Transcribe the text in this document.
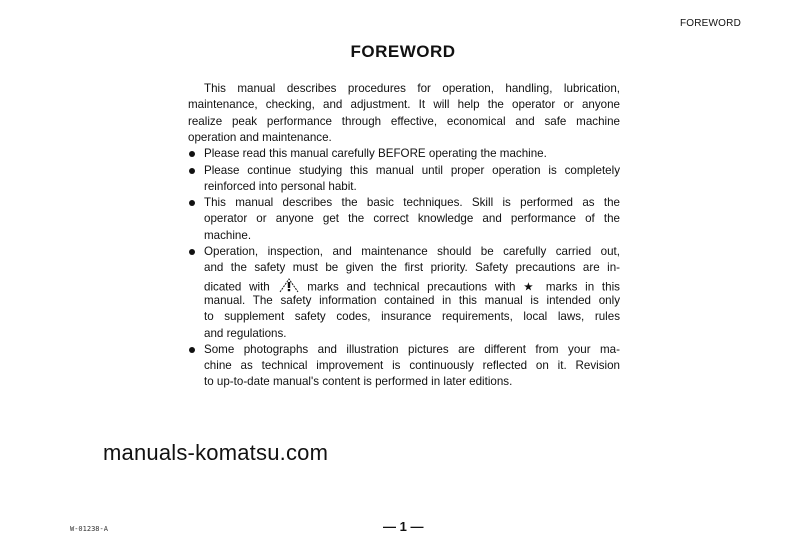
FOREWORD
FOREWORD
This manual describes procedures for operation, handling, lubrication,
maintenance, checking, and adjustment. It will help the operator or anyone
realize peak performance through effective, economical and safe machine
operation and maintenance.
Please read this manual carefully BEFORE operating the machine.
Please continue studying this manual until proper operation is completely
reinforced into personal habit.
This manual describes the basic techniques. Skill is performed as the
operator or anyone get the correct knowledge and performance of the
machine.
Operation, inspection, and maintenance should be carefully carried out,
and the safety must be given the first priority. Safety precautions are in-
dicated with	marks and technical precautions with ★ marks in this
manual. The safety information contained in this manual is intended only
to supplement safety codes, insurance requirements, local laws, rules
and regulations.
Some photographs and illustration pictures are different from your ma-
chine as technical improvement is continuously reflected on it. Revision
to up-to-date manual's content is performed in later editions.
manuals-komatsu.com
W-01238-A	— 1 —
